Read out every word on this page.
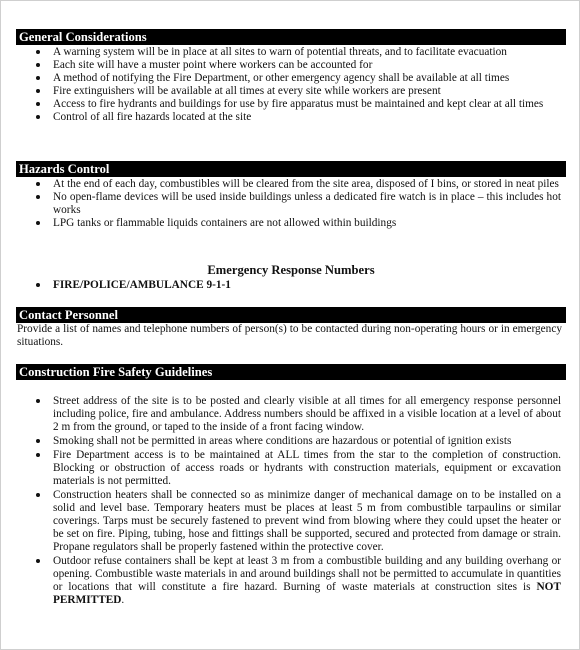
General Considerations
A warning system will be in place at all sites to warn of potential threats, and to facilitate evacuation
Each site will have a muster point where workers can be accounted for
A method of notifying the Fire Department, or other emergency agency shall be available at all times
Fire extinguishers will be available at all times at every site while workers are present
Access to fire hydrants and buildings for use by fire apparatus must be maintained and kept clear at all times
Control of all fire hazards located at the site
Hazards Control
At the end of each day, combustibles will be cleared from the site area, disposed of I bins, or stored in neat piles
No open-flame devices will be used inside buildings unless a dedicated fire watch is in place – this includes hot works
LPG tanks or flammable liquids containers are not allowed within buildings
Emergency Response Numbers
FIRE/POLICE/AMBULANCE 9-1-1
Contact Personnel
Provide a list of names and telephone numbers of person(s) to be contacted during non-operating hours or in emergency situations.
Construction Fire Safety Guidelines
Street address of the site is to be posted and clearly visible at all times for all emergency response personnel including police, fire and ambulance. Address numbers should be affixed in a visible location at a level of about 2 m from the ground, or taped to the inside of a front facing window.
Smoking shall not be permitted in areas where conditions are hazardous or potential of ignition exists
Fire Department access is to be maintained at ALL times from the star to the completion of construction. Blocking or obstruction of access roads or hydrants with construction materials, equipment or excavation materials is not permitted.
Construction heaters shall be connected so as minimize danger of mechanical damage on to be installed on a solid and level base. Temporary heaters must be places at least 5 m from combustible tarpaulins or similar coverings. Tarps must be securely fastened to prevent wind from blowing where they could upset the heater or be set on fire. Piping, tubing, hose and fittings shall be supported, secured and protected from damage or strain. Propane regulators shall be properly fastened within the protective cover.
Outdoor refuse containers shall be kept at least 3 m from a combustible building and any building overhang or opening. Combustible waste materials in and around buildings shall not be permitted to accumulate in quantities or locations that will constitute a fire hazard. Burning of waste materials at construction sites is NOT PERMITTED.
